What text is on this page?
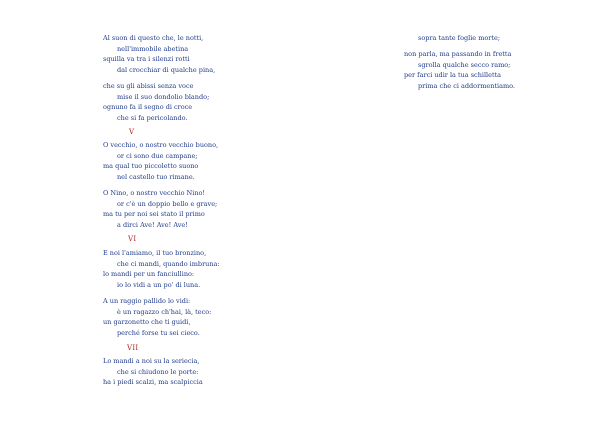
Al suon di questo che, le notti,
nell'immobile abetina
squilla va tra i silenzi rotti
dal crocchiar di qualche pina,
che su gli abissi senza voce
mise il suo dondolio blando;
ognuno fa il segno di croce
che si fa pericolando.
V
O vecchio, o nostro vecchio buono,
or ci sono due campane;
ma qual tuo piccoletto suono
nel castello tuo rimane.
O Nino, o nostro vecchio Nino!
or c'è un doppio bello e grave;
ma tu per noi sei stato il primo
a dirci Ave! Ave! Ave!
VI
E noi l'amiamo, il tuo bronzino,
che ci mandi, quando imbruna:
lo mandi per un fanciullino:
io lo vidi a un po' di luna.
A un raggio pallido lo vidi:
è un ragazzo ch'hai, là, teco:
un garzonetto che ti guidi,
perché forse tu sei cieco.
VII
Lo mandi a noi su la seriecia,
che si chiudono le porte:
ha i piedi scalzi, ma scalpiccia
sopra tante foglie morte;
non parla, ma passando in fretta
sgrolla qualche secco ramo;
per farci udir la tua schilletta
prima che ci addormentiamo.
